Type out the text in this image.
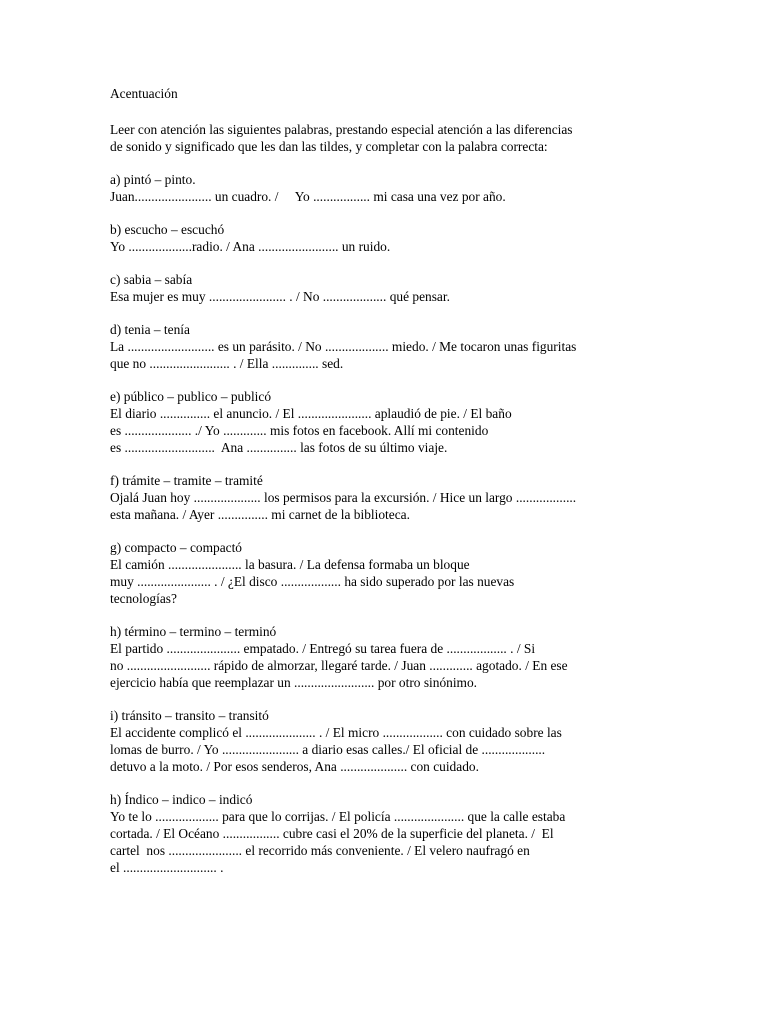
Acentuación
Leer con atención las siguientes palabras, prestando especial atención a las diferencias
de sonido y significado que les dan las tildes, y completar con la palabra correcta:
a) pintó – pinto.
Juan....................... un cuadro. /     Yo ................. mi casa una vez por año.
b) escucho – escuchó
Yo ...................radio. / Ana ........................ un ruido.
c) sabia – sabía
Esa mujer es muy ....................... . / No ................... qué pensar.
d) tenia – tenía
La .......................... es un parásito. / No ................... miedo. / Me tocaron unas figuritas
que no ........................ . / Ella .............. sed.
e) público – publico – publicó
El diario ............... el anuncio. / El ...................... aplaudió de pie. / El baño
es .................... ./ Yo ............. mis fotos en facebook. Allí mi contenido
es ...........................  Ana ............... las fotos de su último viaje.
f) trámite – tramite – tramité
Ojalá Juan hoy .................... los permisos para la excursión. / Hice un largo ..................
esta mañana. / Ayer ............... mi carnet de la biblioteca.
g) compacto – compactó
El camión ...................... la basura. / La defensa formaba un bloque
muy ...................... . / ¿El disco .................. ha sido superado por las nuevas
tecnologías?
h) término – termino – terminó
El partido ...................... empatado. / Entregó su tarea fuera de .................. . / Si
no ......................... rápido de almorzar, llegaré tarde. / Juan ............. agotado. / En ese
ejercicio había que reemplazar un ........................ por otro sinónimo.
i) tránsito – transito – transitó
El accidente complicó el ..................... . / El micro .................. con cuidado sobre las
lomas de burro. / Yo ....................... a diario esas calles./ El oficial de ...................
detuvo a la moto. / Por esos senderos, Ana .................... con cuidado.
h) Índico – indico – indicó
Yo te lo ................... para que lo corrijas. / El policía ..................... que la calle estaba
cortada. / El Océano ................. cubre casi el 20% de la superficie del planeta. /  El
cartel  nos ...................... el recorrido más conveniente. / El velero naufragó en
el ............................ .
